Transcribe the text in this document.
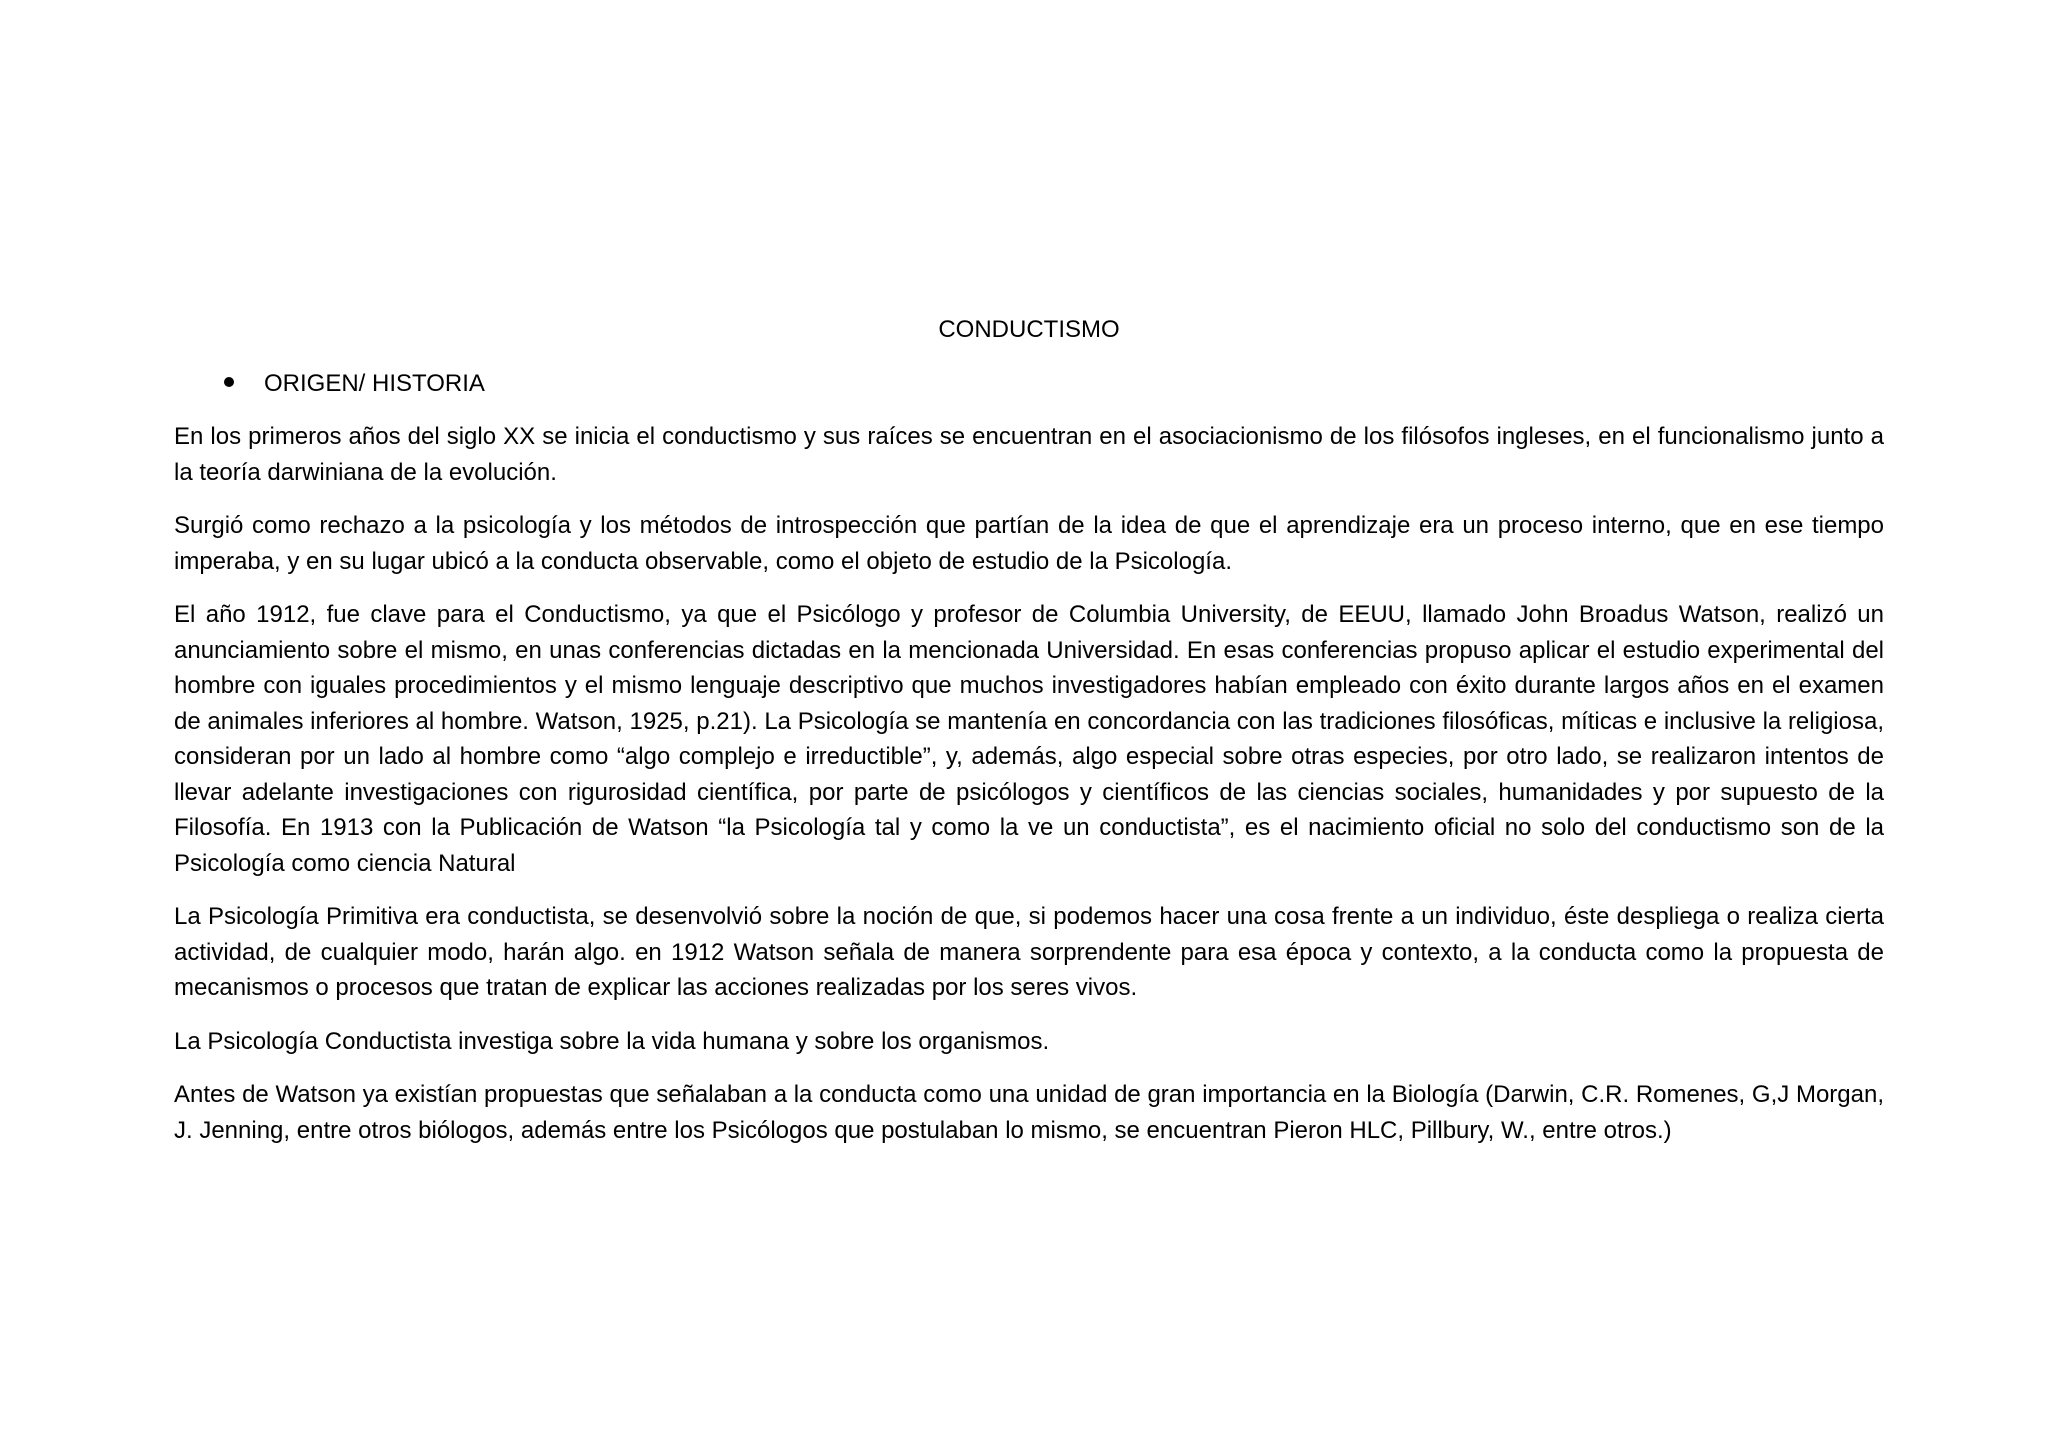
CONDUCTISMO
ORIGEN/ HISTORIA

En los primeros años del siglo XX se inicia el conductismo y sus raíces se encuentran en el asociacionismo de los filósofos ingleses, en el funcionalismo junto a la teoría darwiniana de la evolución.

Surgió como rechazo a la psicología y los métodos de introspección que partían de la idea de que el aprendizaje era un proceso interno, que en ese tiempo imperaba, y en su lugar ubicó a la conducta observable, como el objeto de estudio de la Psicología.

El año 1912, fue clave para el Conductismo, ya que el Psicólogo y profesor de Columbia University, de EEUU, llamado John Broadus Watson, realizó un anunciamiento sobre el mismo, en unas conferencias dictadas en la mencionada Universidad. En esas conferencias propuso aplicar el estudio experimental del hombre con iguales procedimientos y el mismo lenguaje descriptivo que muchos investigadores habían empleado con éxito durante largos años en el examen de animales inferiores al hombre. Watson, 1925, p.21). La Psicología se mantenía en concordancia con las tradiciones filosóficas, míticas e inclusive la religiosa, consideran por un lado al hombre como “algo complejo e irreductible”, y, además, algo especial sobre otras especies, por otro lado, se realizaron intentos de llevar adelante investigaciones con rigurosidad científica, por parte de psicólogos y científicos de las ciencias sociales, humanidades y por supuesto de la Filosofía. En 1913 con la Publicación de Watson “la Psicología tal y como la ve un conductista”, es el nacimiento oficial no solo del conductismo son de la Psicología como ciencia Natural

La Psicología Primitiva era conductista, se desenvolvió sobre la noción de que, si podemos hacer una cosa frente a un individuo, éste despliega o realiza cierta actividad, de cualquier modo, harán algo. en 1912 Watson señala de manera sorprendente para esa época y contexto, a la conducta como la propuesta de mecanismos o procesos que tratan de explicar las acciones realizadas por los seres vivos.

La Psicología Conductista investiga sobre la vida humana y sobre los organismos.

Antes de Watson ya existían propuestas que señalaban a la conducta como una unidad de gran importancia en la Biología (Darwin, C.R. Romenes, G,J Morgan, J. Jenning, entre otros biólogos, además entre los Psicólogos que postulaban lo mismo, se encuentran Pieron HLC, Pillbury, W., entre otros.)
